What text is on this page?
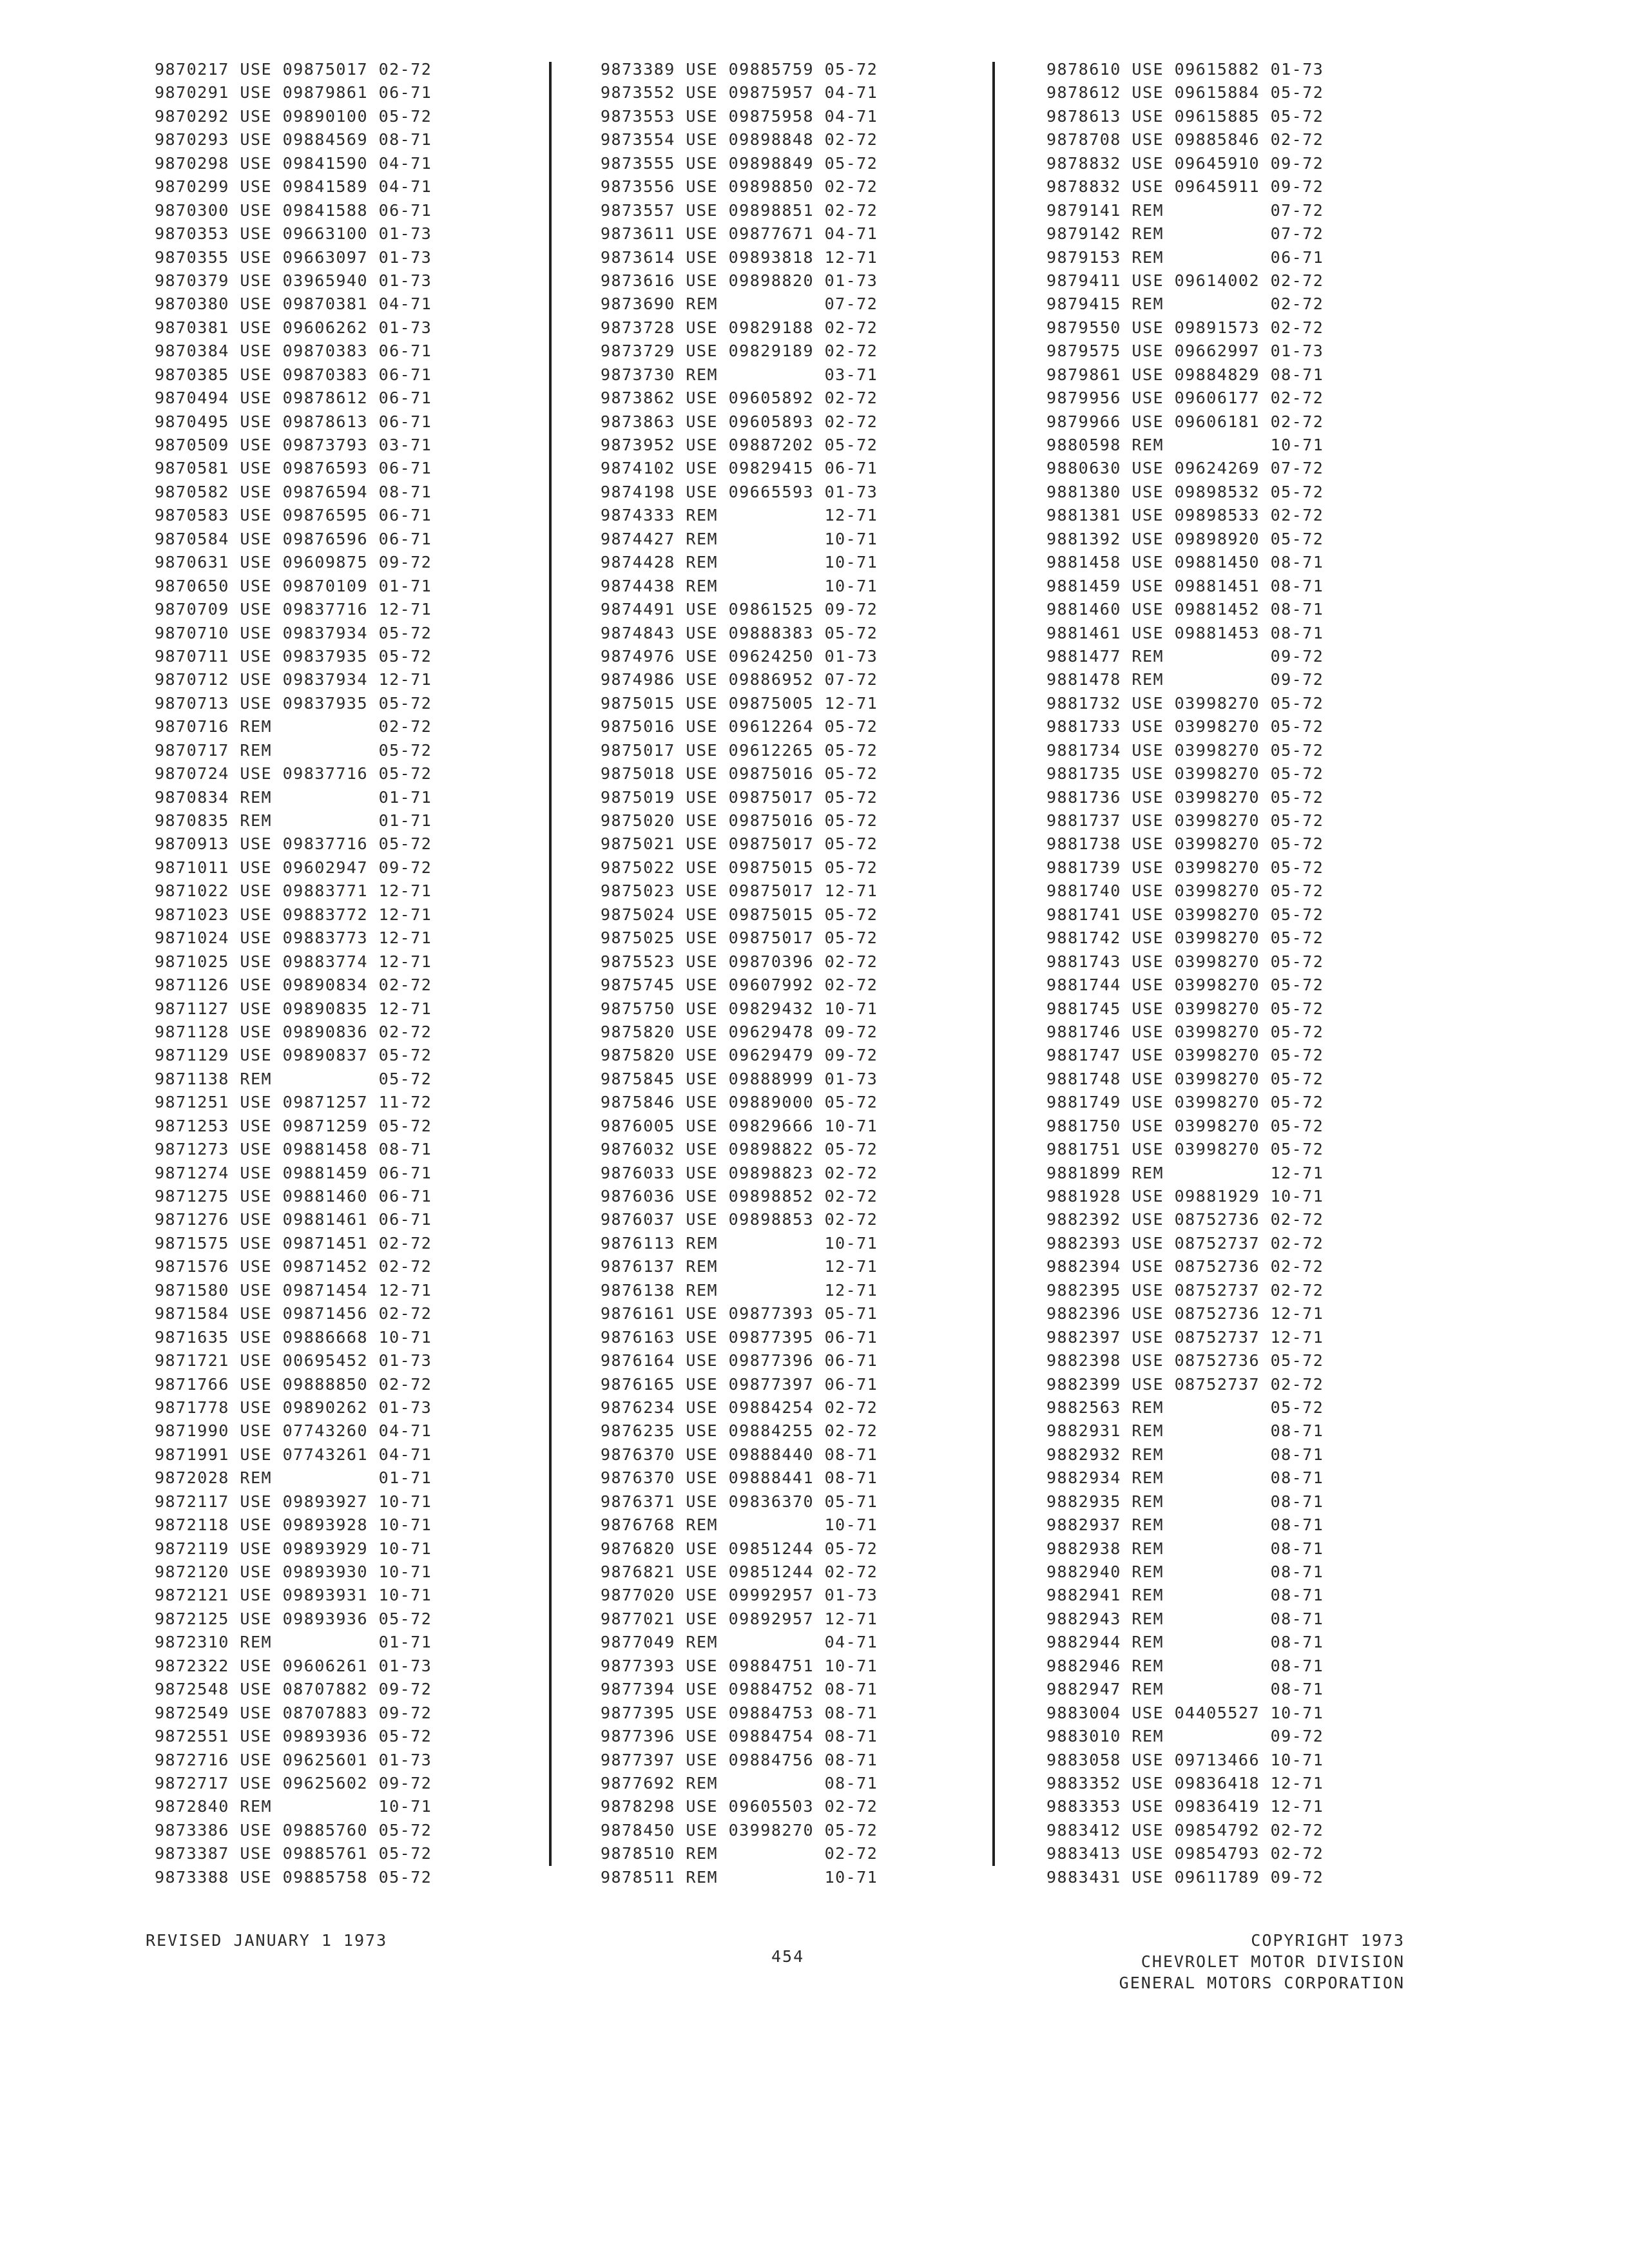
9870217 USE 09875017 02-72
9870291 USE 09879861 06-71
9870292 USE 09890100 05-72
9870293 USE 09884569 08-71
9870298 USE 09841590 04-71
9870299 USE 09841589 04-71
9870300 USE 09841588 06-71
9870353 USE 09663100 01-73
9870355 USE 09663097 01-73
9870379 USE 03965940 01-73
9870380 USE 09870381 04-71
9870381 USE 09606262 01-73
9870384 USE 09870383 06-71
9870385 USE 09870383 06-71
9870494 USE 09878612 06-71
9870495 USE 09878613 06-71
9870509 USE 09873793 03-71
9870581 USE 09876593 06-71
9870582 USE 09876594 08-71
9870583 USE 09876595 06-71
9870584 USE 09876596 06-71
9870631 USE 09609875 09-72
9870650 USE 09870109 01-71
9870709 USE 09837716 12-71
9870710 USE 09837934 05-72
9870711 USE 09837935 05-72
9870712 USE 09837934 12-71
9870713 USE 09837935 05-72
9870716 REM          02-72
9870717 REM          05-72
9870724 USE 09837716 05-72
9870834 REM          01-71
9870835 REM          01-71
9870913 USE 09837716 05-72
9871011 USE 09602947 09-72
9871022 USE 09883771 12-71
9871023 USE 09883772 12-71
9871024 USE 09883773 12-71
9871025 USE 09883774 12-71
9871126 USE 09890834 02-72
9871127 USE 09890835 12-71
9871128 USE 09890836 02-72
9871129 USE 09890837 05-72
9871138 REM          05-72
9871251 USE 09871257 11-72
9871253 USE 09871259 05-72
9871273 USE 09881458 08-71
9871274 USE 09881459 06-71
9871275 USE 09881460 06-71
9871276 USE 09881461 06-71
9871575 USE 09871451 02-72
9871576 USE 09871452 02-72
9871580 USE 09871454 12-71
9871584 USE 09871456 02-72
9871635 USE 09886668 10-71
9871721 USE 00695452 01-73
9871766 USE 09888850 02-72
9871778 USE 09890262 01-73
9871990 USE 07743260 04-71
9871991 USE 07743261 04-71
9872028 REM          01-71
9872117 USE 09893927 10-71
9872118 USE 09893928 10-71
9872119 USE 09893929 10-71
9872120 USE 09893930 10-71
9872121 USE 09893931 10-71
9872125 USE 09893936 05-72
9872310 REM          01-71
9872322 USE 09606261 01-73
9872548 USE 08707882 09-72
9872549 USE 08707883 09-72
9872551 USE 09893936 05-72
9872716 USE 09625601 01-73
9872717 USE 09625602 09-72
9872840 REM          10-71
9873386 USE 09885760 05-72
9873387 USE 09885761 05-72
9873388 USE 09885758 05-72
9873389 USE 09885759 05-72
9873552 USE 09875957 04-71
9873553 USE 09875958 04-71
9873554 USE 09898848 02-72
9873555 USE 09898849 05-72
9873556 USE 09898850 02-72
9873557 USE 09898851 02-72
9873611 USE 09877671 04-71
9873614 USE 09893818 12-71
9873616 USE 09898820 01-73
9873690 REM          07-72
9873728 USE 09829188 02-72
9873729 USE 09829189 02-72
9873730 REM          03-71
9873862 USE 09605892 02-72
9873863 USE 09605893 02-72
9873952 USE 09887202 05-72
9874102 USE 09829415 06-71
9874198 USE 09665593 01-73
9874333 REM          12-71
9874427 REM          10-71
9874428 REM          10-71
9874438 REM          10-71
9874491 USE 09861525 09-72
9874843 USE 09888383 05-72
9874976 USE 09624250 01-73
9874986 USE 09886952 07-72
9875015 USE 09875005 12-71
9875016 USE 09612264 05-72
9875017 USE 09612265 05-72
9875018 USE 09875016 05-72
9875019 USE 09875017 05-72
9875020 USE 09875016 05-72
9875021 USE 09875017 05-72
9875022 USE 09875015 05-72
9875023 USE 09875017 12-71
9875024 USE 09875015 05-72
9875025 USE 09875017 05-72
9875523 USE 09870396 02-72
9875745 USE 09607992 02-72
9875750 USE 09829432 10-71
9875820 USE 09629478 09-72
9875820 USE 09629479 09-72
9875845 USE 09888999 01-73
9875846 USE 09889000 05-72
9876005 USE 09829666 10-71
9876032 USE 09898822 05-72
9876033 USE 09898823 02-72
9876036 USE 09898852 02-72
9876037 USE 09898853 02-72
9876113 REM          10-71
9876137 REM          12-71
9876138 REM          12-71
9876161 USE 09877393 05-71
9876163 USE 09877395 06-71
9876164 USE 09877396 06-71
9876165 USE 09877397 06-71
9876234 USE 09884254 02-72
9876235 USE 09884255 02-72
9876370 USE 09888440 08-71
9876370 USE 09888441 08-71
9876371 USE 09836370 05-71
9876768 REM          10-71
9876820 USE 09851244 05-72
9876821 USE 09851244 02-72
9877020 USE 09992957 01-73
9877021 USE 09892957 12-71
9877049 REM          04-71
9877393 USE 09884751 10-71
9877394 USE 09884752 08-71
9877395 USE 09884753 08-71
9877396 USE 09884754 08-71
9877397 USE 09884756 08-71
9877692 REM          08-71
9878298 USE 09605503 02-72
9878450 USE 03998270 05-72
9878510 REM          02-72
9878511 REM          10-71
9878610 USE 09615882 01-73
9878612 USE 09615884 05-72
9878613 USE 09615885 05-72
9878708 USE 09885846 02-72
9878832 USE 09645910 09-72
9878832 USE 09645911 09-72
9879141 REM          07-72
9879142 REM          07-72
9879153 REM          06-71
9879411 USE 09614002 02-72
9879415 REM          02-72
9879550 USE 09891573 02-72
9879575 USE 09662997 01-73
9879861 USE 09884829 08-71
9879956 USE 09606177 02-72
9879966 USE 09606181 02-72
9880598 REM          10-71
9880630 USE 09624269 07-72
9881380 USE 09898532 05-72
9881381 USE 09898533 02-72
9881392 USE 09898920 05-72
9881458 USE 09881450 08-71
9881459 USE 09881451 08-71
9881460 USE 09881452 08-71
9881461 USE 09881453 08-71
9881477 REM          09-72
9881478 REM          09-72
9881732 USE 03998270 05-72
9881733 USE 03998270 05-72
9881734 USE 03998270 05-72
9881735 USE 03998270 05-72
9881736 USE 03998270 05-72
9881737 USE 03998270 05-72
9881738 USE 03998270 05-72
9881739 USE 03998270 05-72
9881740 USE 03998270 05-72
9881741 USE 03998270 05-72
9881742 USE 03998270 05-72
9881743 USE 03998270 05-72
9881744 USE 03998270 05-72
9881745 USE 03998270 05-72
9881746 USE 03998270 05-72
9881747 USE 03998270 05-72
9881748 USE 03998270 05-72
9881749 USE 03998270 05-72
9881750 USE 03998270 05-72
9881751 USE 03998270 05-72
9881899 REM          12-71
9881928 USE 09881929 10-71
9882392 USE 08752736 02-72
9882393 USE 08752737 02-72
9882394 USE 08752736 02-72
9882395 USE 08752737 02-72
9882396 USE 08752736 12-71
9882397 USE 08752737 12-71
9882398 USE 08752736 05-72
9882399 USE 08752737 02-72
9882563 REM          05-72
9882931 REM          08-71
9882932 REM          08-71
9882934 REM          08-71
9882935 REM          08-71
9882937 REM          08-71
9882938 REM          08-71
9882940 REM          08-71
9882941 REM          08-71
9882943 REM          08-71
9882944 REM          08-71
9882946 REM          08-71
9882947 REM          08-71
9883004 USE 04405527 10-71
9883010 REM          09-72
9883058 USE 09713466 10-71
9883352 USE 09836418 12-71
9883353 USE 09836419 12-71
9883412 USE 09854792 02-72
9883413 USE 09854793 02-72
9883431 USE 09611789 09-72
REVISED JANUARY 1 1973
454
COPYRIGHT 1973
CHEVROLET MOTOR DIVISION
GENERAL MOTORS CORPORATION
